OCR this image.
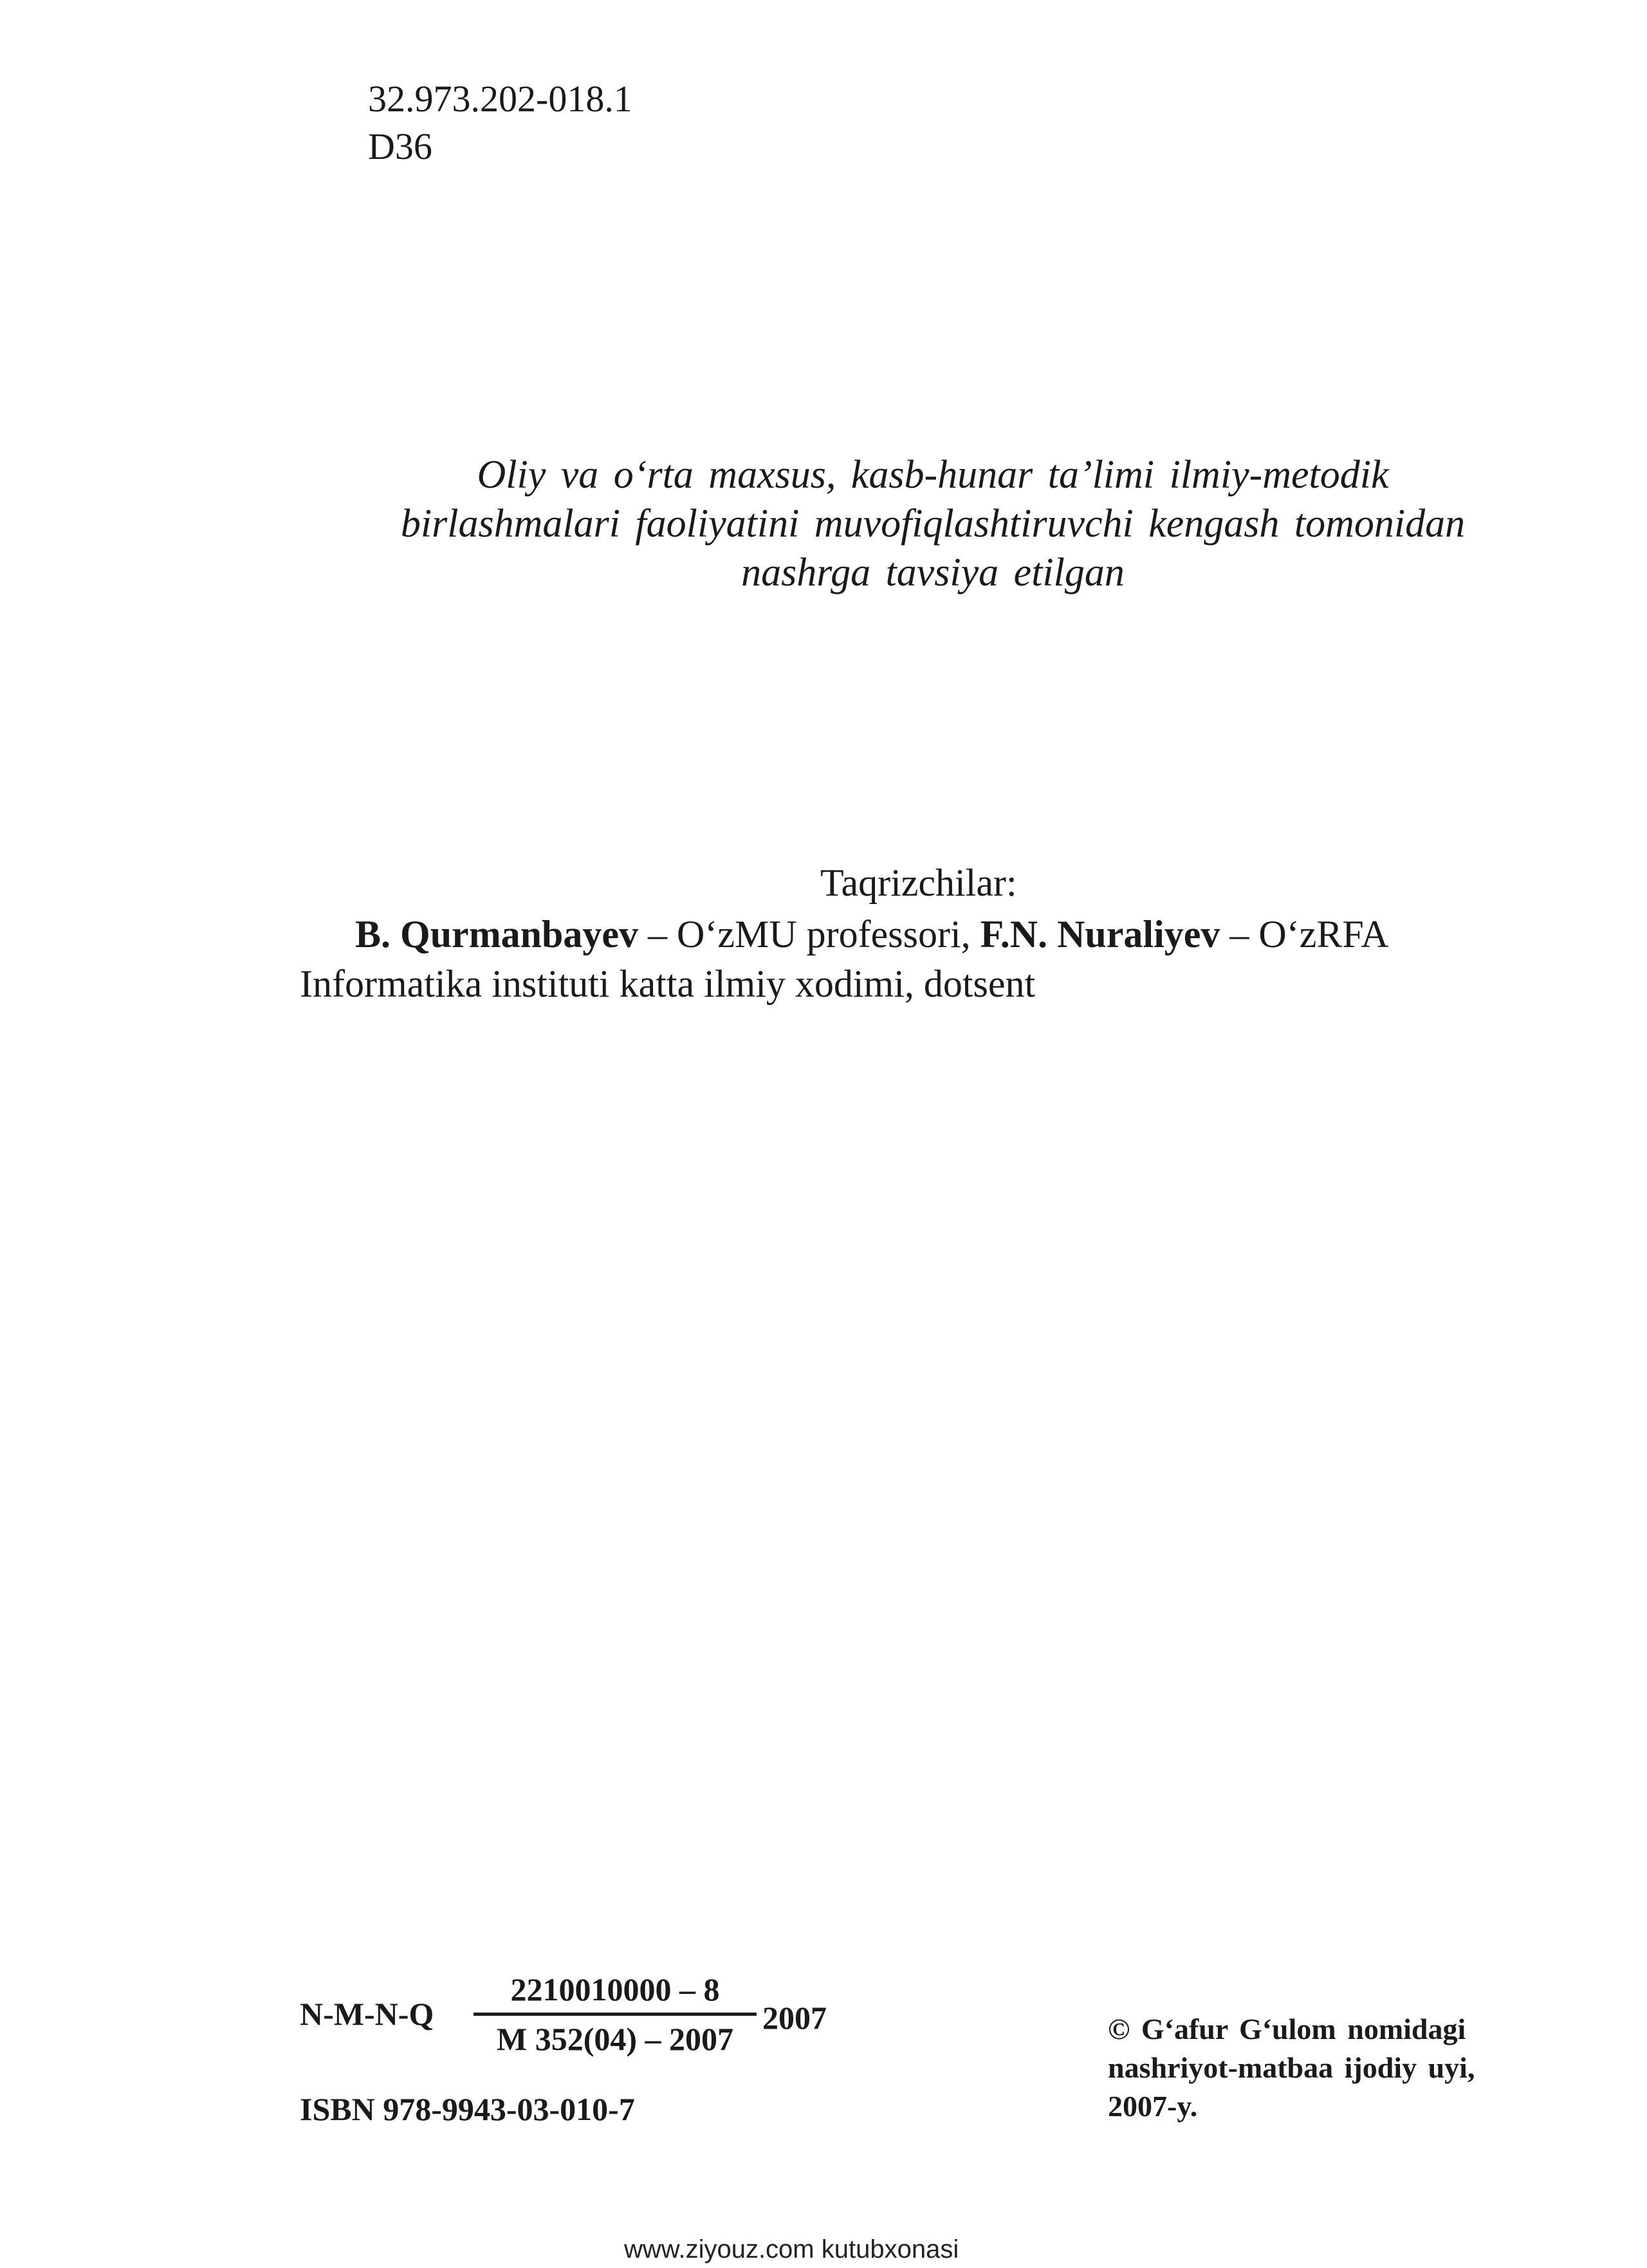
32.973.202-018.1
D36
Oliy va o‘rta maxsus, kasb-hunar ta’limi ilmiy-metodik
birlashmalari faoliyatini muvofiqlashtiruvchi kengash tomonidan
nashrga tavsiya etilgan
Taqrizchilar:
B. Qurmanbayev – O‘zMU professori, F.N. Nuraliyev – O‘zRFA
Informatika instituti katta ilmiy xodimi, dotsent
$N-M-N-Q \frac{2210010000 - 8}{M 352(04) - 2007} 2007$
ISBN 978-9943-03-010-7
© G‘afur G‘ulom nomidagi
nashriyot-matbaa ijodiy uyi,
2007-y.
www.ziyouz.com kutubxonasi
